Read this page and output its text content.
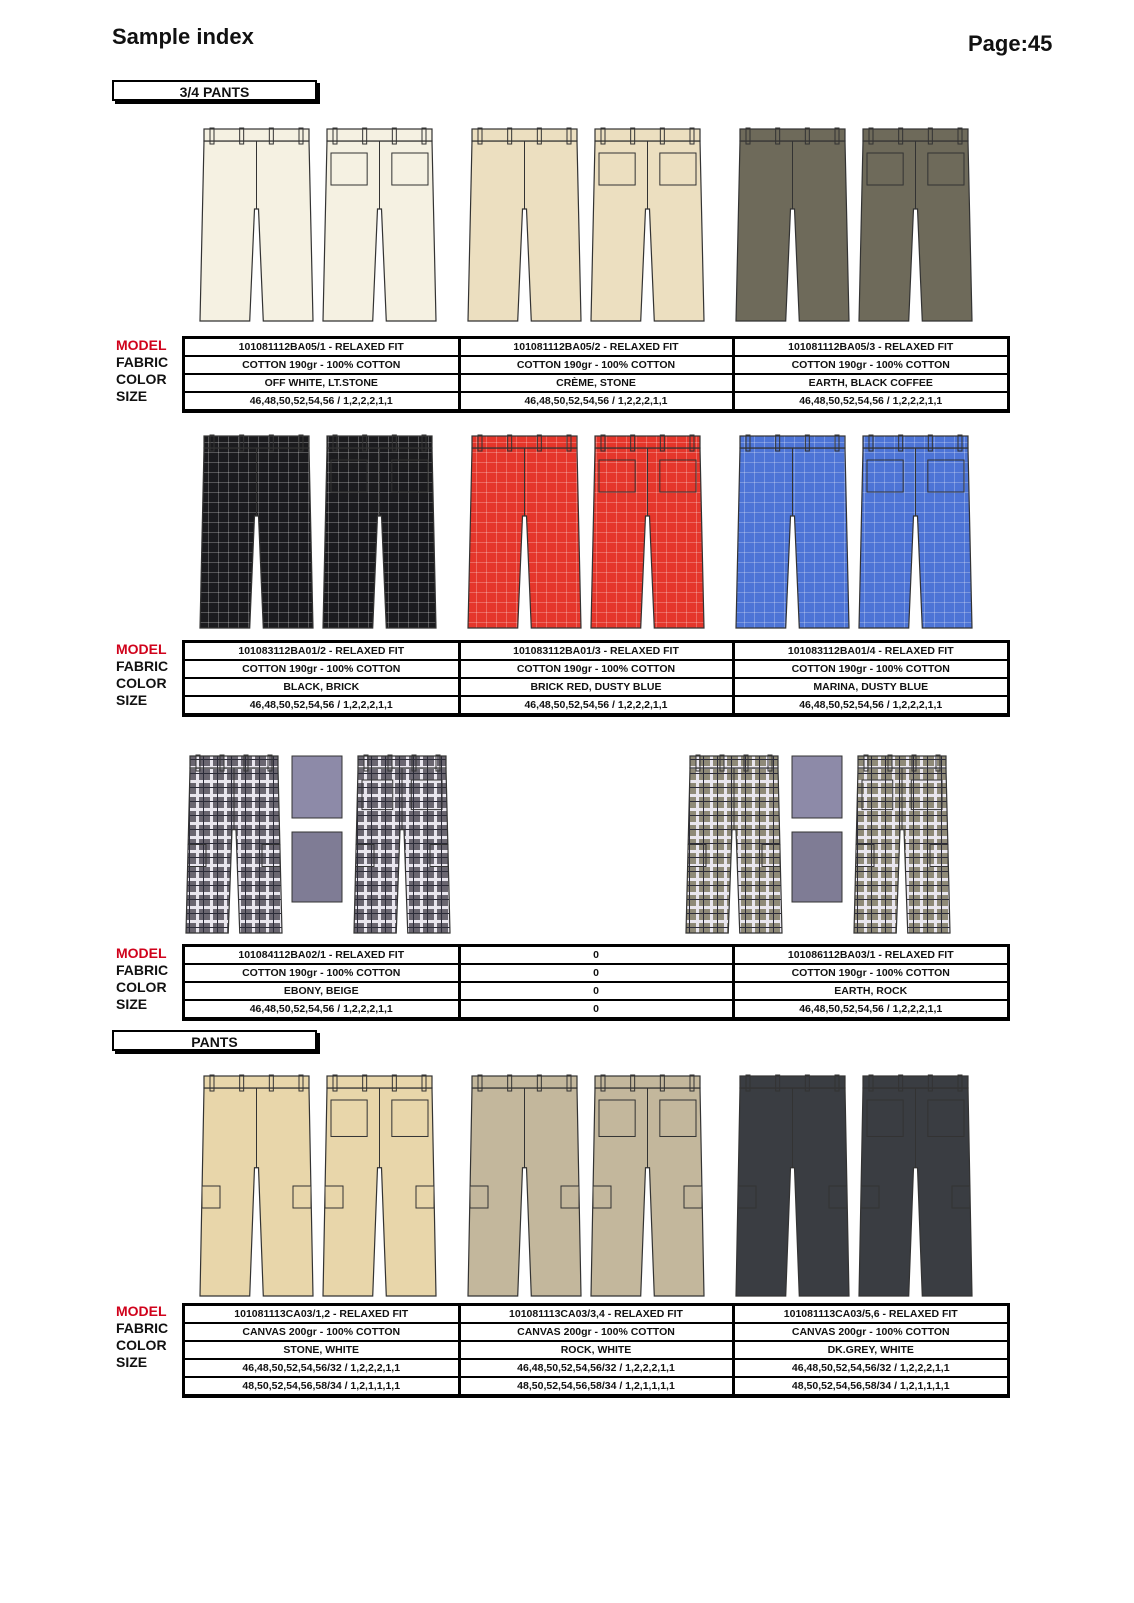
Sample index	Page:45
3/4 PANTS
PANTS
MODEL
FABRIC
COLOR
SIZE
101081112BA05/1 - RELAXED FIT	101081112BA05/2 - RELAXED FIT	101081112BA05/3 - RELAXED FIT
COTTON 190gr - 100% COTTON	COTTON 190gr - 100% COTTON	COTTON 190gr - 100% COTTON
OFF WHITE, LT.STONE	CRÈME, STONE	EARTH, BLACK COFFEE
46,48,50,52,54,56 / 1,2,2,2,1,1	46,48,50,52,54,56 / 1,2,2,2,1,1	46,48,50,52,54,56 / 1,2,2,2,1,1
MODEL
FABRIC
COLOR
SIZE
101083112BA01/2 - RELAXED FIT	101083112BA01/3 - RELAXED FIT	101083112BA01/4 - RELAXED FIT
COTTON 190gr - 100% COTTON	COTTON 190gr - 100% COTTON	COTTON 190gr - 100% COTTON
BLACK, BRICK	BRICK RED, DUSTY BLUE	MARINA, DUSTY BLUE
46,48,50,52,54,56 / 1,2,2,2,1,1	46,48,50,52,54,56 / 1,2,2,2,1,1	46,48,50,52,54,56 / 1,2,2,2,1,1
MODEL
FABRIC
COLOR
SIZE
101084112BA02/1 - RELAXED FIT	0	101086112BA03/1 - RELAXED FIT
COTTON 190gr - 100% COTTON	0	COTTON 190gr - 100% COTTON
EBONY, BEIGE	0	EARTH, ROCK
46,48,50,52,54,56 / 1,2,2,2,1,1	0	46,48,50,52,54,56 / 1,2,2,2,1,1
MODEL
FABRIC
COLOR
SIZE
101081113CA03/1,2 - RELAXED FIT	101081113CA03/3,4 - RELAXED FIT	101081113CA03/5,6 - RELAXED FIT
CANVAS 200gr - 100% COTTON	CANVAS 200gr - 100% COTTON	CANVAS 200gr - 100% COTTON
STONE, WHITE	ROCK, WHITE	DK.GREY, WHITE
46,48,50,52,54,56/32 / 1,2,2,2,1,1	46,48,50,52,54,56/32 / 1,2,2,2,1,1	46,48,50,52,54,56/32 / 1,2,2,2,1,1
48,50,52,54,56,58/34 / 1,2,1,1,1,1	48,50,52,54,56,58/34 / 1,2,1,1,1,1	48,50,52,54,56,58/34 / 1,2,1,1,1,1
